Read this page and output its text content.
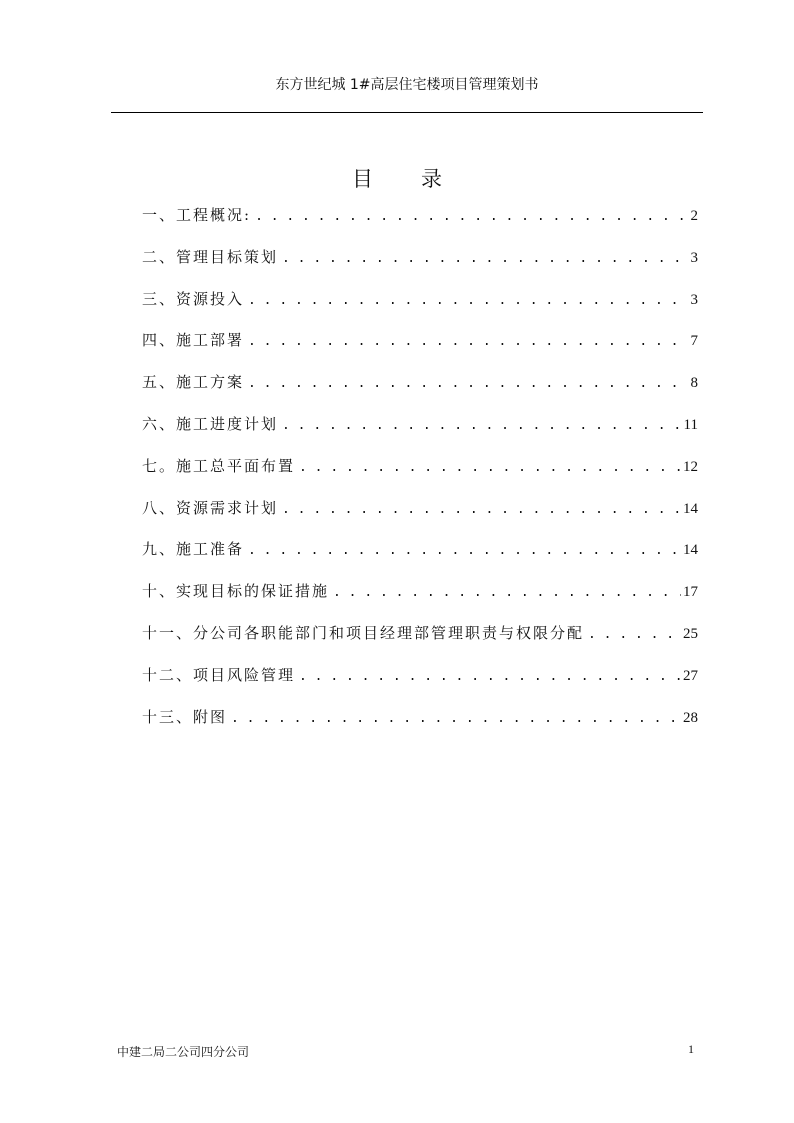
东方世纪城 1#高层住宅楼项目管理策划书
目 录
一、工程概况: . . .	2
二、管理目标策划 . . .	3
三、资源投入 . . .	3
四、施工部署 . . .	7
五、施工方案 . . .	8
六、施工进度计划 . . .	11
七。施工总平面布置 . . .	12
八、资源需求计划 . . .	14
九、施工准备 . . .	14
十、实现目标的保证措施 . . .	17
十一、分公司各职能部门和项目经理部管理职责与权限分配 . . .	25
十二、项目风险管理 . . .	27
十三、附图 . . .	28
中建二局二公司四分公司	1
